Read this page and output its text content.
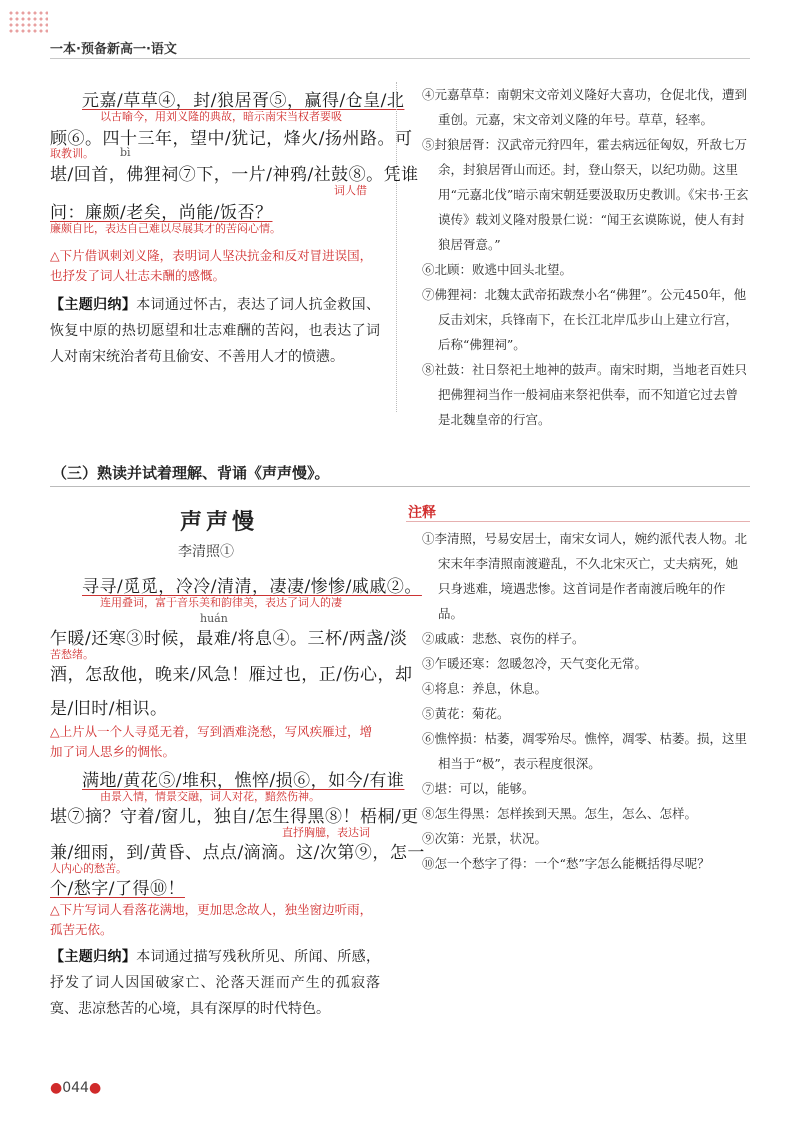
一本·预备新高一·语文
元嘉/草草④，封/狼居胥⑤，赢得/仓皇/北
以古喻今，用刘义隆的典故，暗示南宋当权者要吸
顾⑥。四十三年，望中/犹记，烽火/扬州路。可
取教训。 bì
堪/回首，佛狸祠⑦下，一片/神鸦/社鼓⑧。凭谁
词人借
问：廉颇/老矣，尚能/饭否？
廉颇自比，表达自己难以尽展其才的苦闷心情。
△下片借讽刺刘义隆，表明词人坚决抗金和反对冒进误国，也抒发了词人壮志未酬的感慨。
【主题归纳】本词通过怀古，表达了词人抗金救国、恢复中原的热切愿望和壮志难酬的苦闷，也表达了词人对南宋统治者苟且偷安、不善用人才的愤懑。

④元嘉草草：南朝宋文帝刘义隆好大喜功，仓促北伐，遭到重创。元嘉，宋文帝刘义隆的年号。草草，轻率。

⑤封狼居胥：汉武帝元狩四年，霍去病远征匈奴，歼敌七万余，封狼居胥山而还。封，登山祭天，以纪功勋。这里用“元嘉北伐”暗示南宋朝廷要汲取历史教训。《宋书·王玄谟传》载刘义隆对殷景仁说：“闻王玄谟陈说，使人有封狼居胥意。”

⑥北顾：败逃中回头北望。

⑦佛狸祠：北魏太武帝拓跋焘小名“佛狸”。公元450年，他反击刘宋，兵锋南下，在长江北岸瓜步山上建立行宫，后称“佛狸祠”。

⑧社鼓：社日祭祀土地神的鼓声。南宋时期，当地老百姓只把佛狸祠当作一般祠庙来祭祀供奉，而不知道它过去曾是北魏皇帝的行宫。

（三）熟读并试着理解、背诵《声声慢》。
声声慢
李清照①
注释
寻寻/觅觅，冷冷/清清，凄凄/惨惨/戚戚②。
连用叠词，富于音乐美和韵律美，表达了词人的凄
huán
乍暖/还寒③时候，最难/将息④。三杯/两盏/淡
苦愁绪。
酒，怎敌他，晚来/风急！雁过也，正/伤心，却
是/旧时/相识。
△上片从一个人寻觅无着，写到酒难浇愁，写风疾雁过，增加了词人思乡的惆怅。
满地/黄花⑤/堆积，憔悴/损⑥，如今/有谁
由景入情，情景交融，词人对花，黯然伤神。
堪⑦摘？守着/窗儿，独自/怎生得黑⑧！梧桐/更
直抒胸臆，表达词
兼/细雨，到/黄昏、点点/滴滴。这/次第⑨，怎一
人内心的愁苦。
个/愁字/了得⑩！
△下片写词人看落花满地，更加思念故人，独坐窗边听雨，孤苦无依。
【主题归纳】本词通过描写残秋所见、所闻、所感，抒发了词人因国破家亡、沦落天涯而产生的孤寂落寞、悲凉愁苦的心境，具有深厚的时代特色。

①李清照，号易安居士，南宋女词人，婉约派代表人物。北宋末年李清照南渡避乱，不久北宋灭亡，丈夫病死，她只身逃难，境遇悲惨。这首词是作者南渡后晚年的作品。

②戚戚：悲愁、哀伤的样子。

③乍暖还寒：忽暖忽冷，天气变化无常。

④将息：养息，休息。

⑤黄花：菊花。

⑥憔悴损：枯萎，凋零殆尽。憔悴，凋零、枯萎。损，这里相当于“极”，表示程度很深。

⑦堪：可以，能够。

⑧怎生得黑：怎样挨到天黑。怎生，怎么、怎样。

⑨次第：光景，状况。

⑩怎一个愁字了得：一个“愁”字怎么能概括得尽呢？

●044●
